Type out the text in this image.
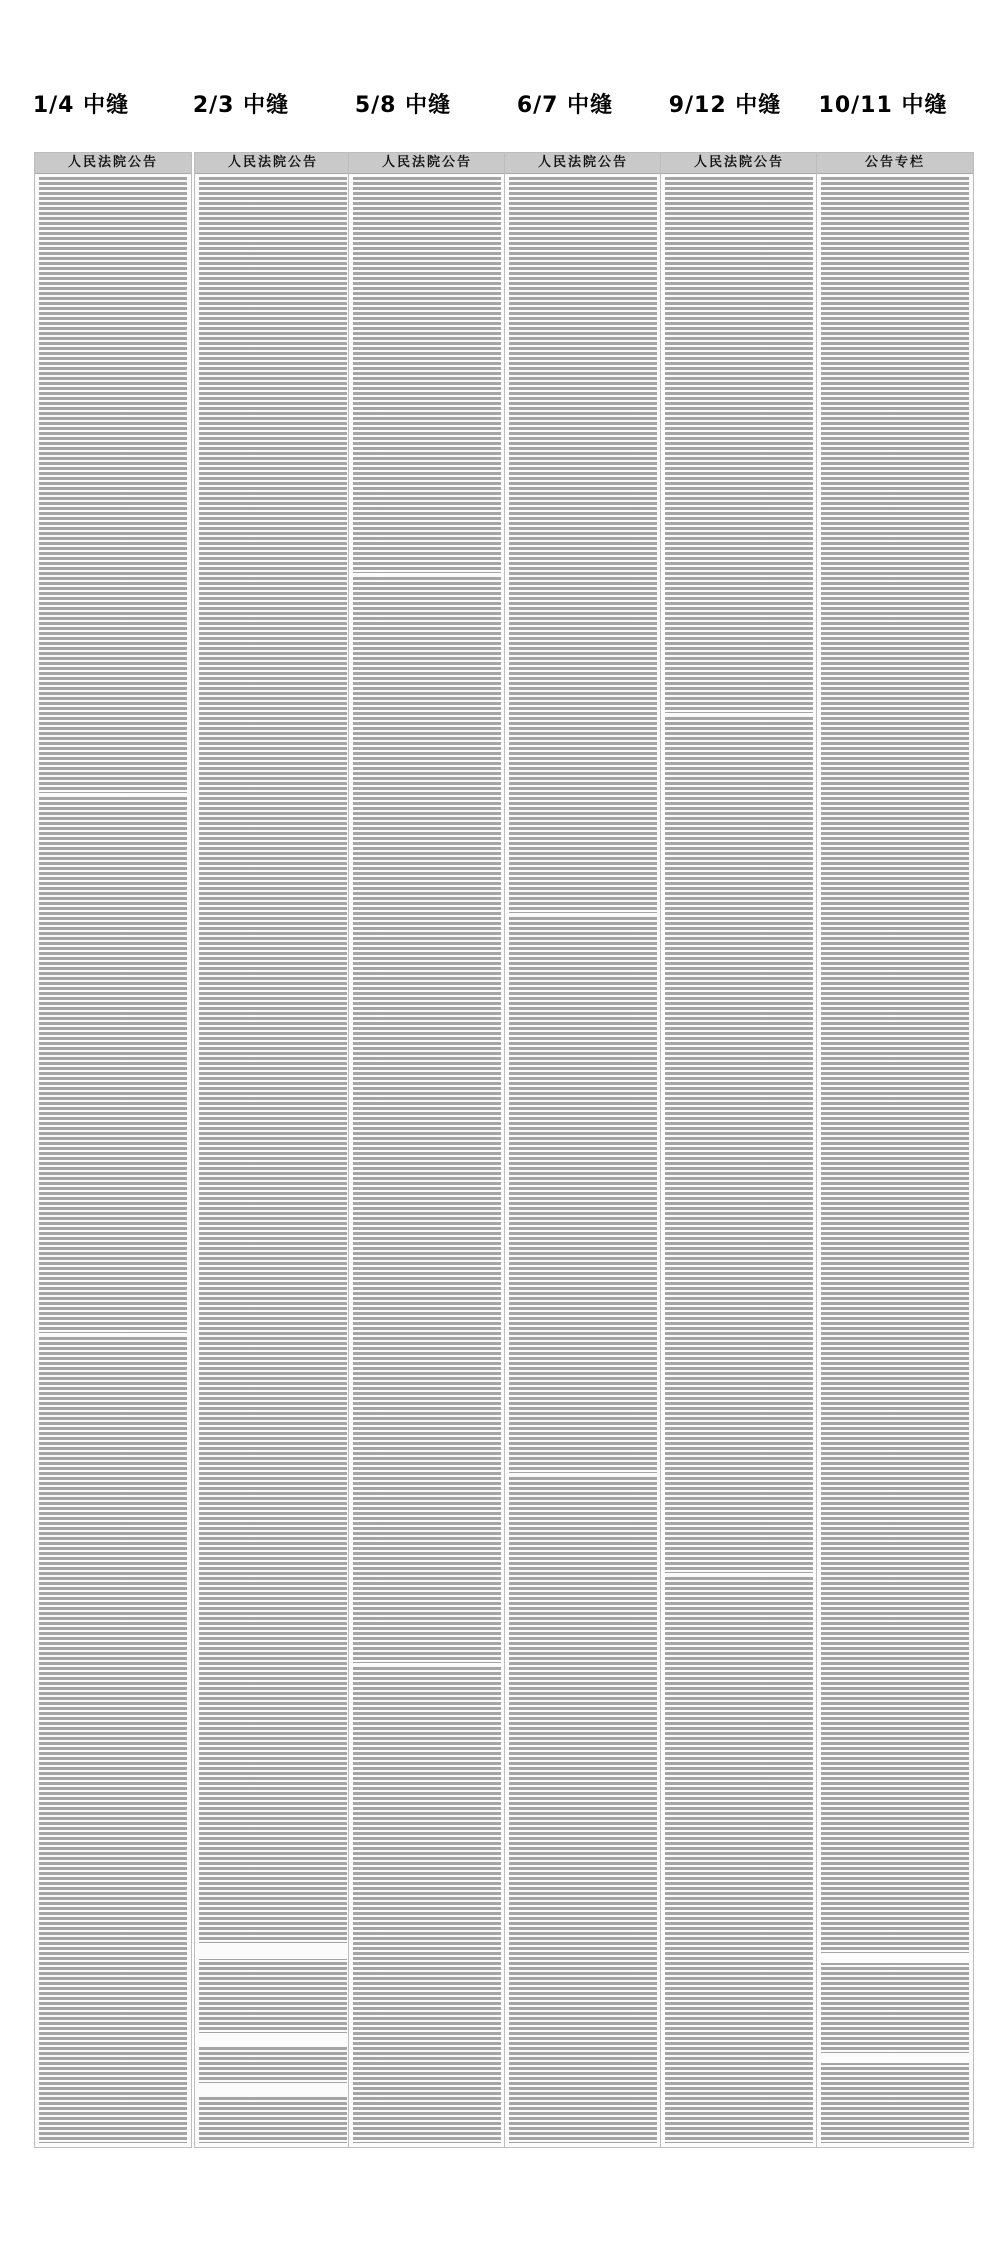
1/4 中缝	2/3 中缝	5/8 中缝	6/7 中缝	9/12 中缝	10/11 中缝
人民法院公告	人民法院公告	人民法院公告	人民法院公告	人民法院公告	公告专栏
